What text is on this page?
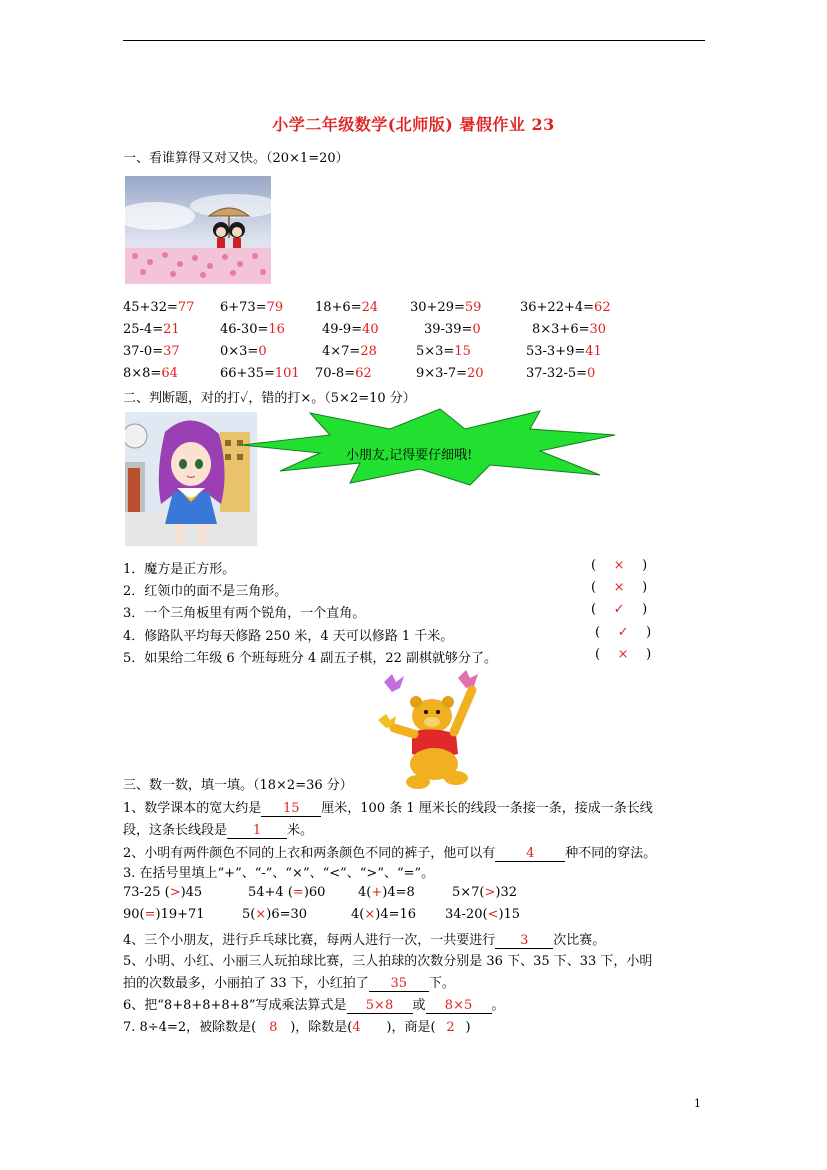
小学二年级数学(北师版) 暑假作业 23
一、看谁算得又对又快。（20×1=20）
45+32=77 6+73=79 18+6=24 30+29=59	36+22+4=62
25-4=21	46-30=16	49-9=40	39-39=0	8×3+6=30
37-0=37	0×3=0	4×7=28	5×3=15	53-3+9=41
8×8=64	66+35=101 70-8=62	9×3-7=20	37-32-5=0
二、判断题，对的打✓，错的打×。（5×2=10 分）
小朋友,记得要仔细哦!
1．魔方是正方形。	( × )
2．红领巾的面不是三角形。	( × )
3．一个三角板里有两个锐角，一个直角。	( ✓ )
4．修路队平均每天修路 250 米，4 天可以修路 1 千米。	( ✓ )
5．如果给二年级 6 个班每班分 4 副五子棋，22 副棋就够分了。	( × )
三、数一数，填一填。（18×2=36 分）
1、数学课本的宽大约是 15 厘米，100 条 1 厘米长的线段一条接一条，接成一条长线
段，这条长线段是 1 米。
2、小明有两件颜色不同的上衣和两条颜色不同的裤子，他可以有 4 种不同的穿法。
3. 在括号里填上“+”、“-”、“×”、“<”、“>”、“=”。
73-25 (>)45	54+4 (=)60	4(+)4=8	5×7(>)32
90(=)19+71	5(×)6=30	4(×)4=16 34-20(<)15
4、三个小朋友，进行乒乓球比赛，每两人进行一次，一共要进行 3 次比赛。
5、小明、小红、小丽三人玩拍球比赛，三人拍球的次数分别是 36 下、35 下、33 下，小明
拍的次数最多，小丽拍了 33 下，小红拍了 35 下。
6、把“8+8+8+8+8”写成乘法算式是 5×8 或 8×5 。
7. 8÷4=2，被除数是( 8 )，除数是(4 )，商是( 2 )
1
